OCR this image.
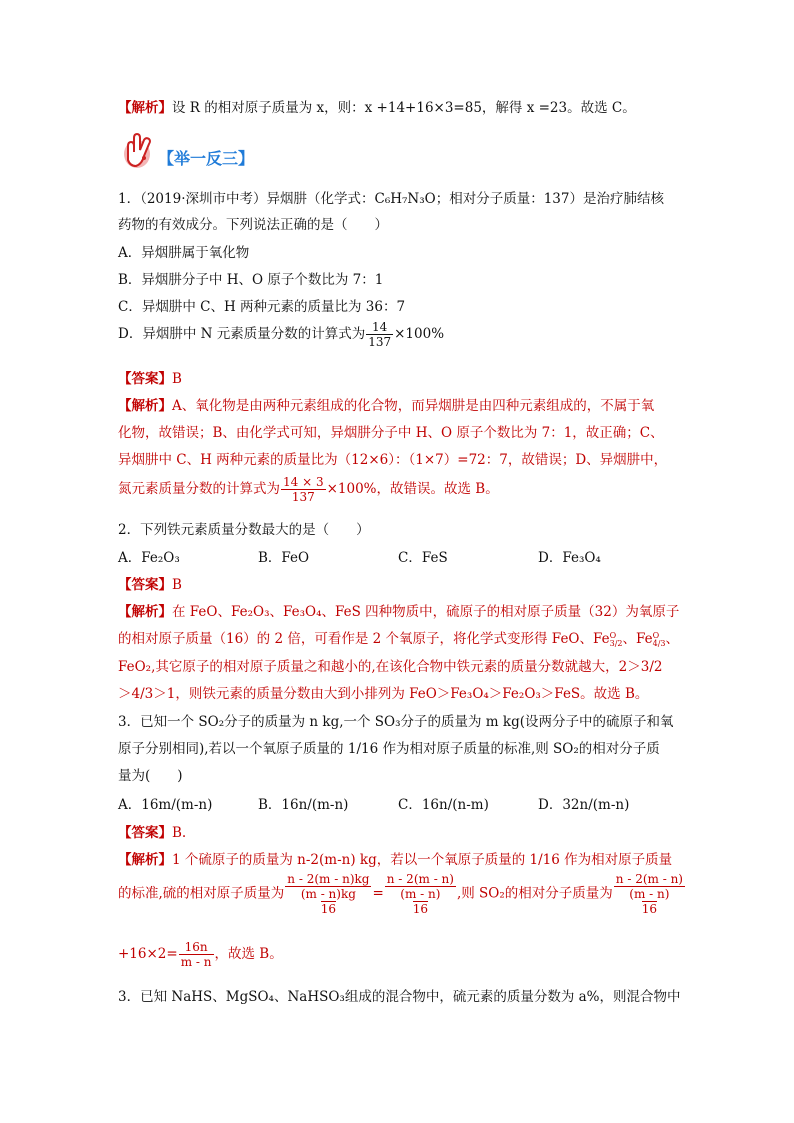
【解析】设 R 的相对原子质量为 x，则：x +14+16×3=85，解得 x =23。故选 C。
【举一反三】
1．（2019·深圳市中考）异烟肼（化学式：C₆H₇N₃O；相对分子质量：137）是治疗肺结核
药物的有效成分。下列说法正确的是（　　）
A．异烟肼属于氧化物
B．异烟肼分子中 H、O 原子个数比为 7：1
C．异烟肼中 C、H 两种元素的质量比为 36：7
D．异烟肼中 N 元素质量分数的计算式为 $\frac{14}{137} \times 100\%$
【答案】B
【解析】A、氧化物是由两种元素组成的化合物，而异烟肼是由四种元素组成的，不属于氧
化物，故错误；B、由化学式可知，异烟肼分子中 H、O 原子个数比为 7：1，故正确；C、
异烟肼中 C、H 两种元素的质量比为（12×6）：（1×7）=72：7，故错误；D、异烟肼中，
氮元素质量分数的计算式为 $\frac{14 \times 3}{137} \times 100\%$，故错误。故选 B。
2．下列铁元素质量分数最大的是（　　）
A．Fe₂O₃	B．FeO	C．FeS	D．Fe₃O₄
【答案】B
【解析】在 FeO、Fe₂O₃、Fe₃O₄、FeS 四种物质中，硫原子的相对原子质量（32）为氧原子
的相对原子质量（16）的 2 倍，可看作是 2 个氧原子，将化学式变形得 FeO、Fe O
3/2 、Fe O
4/3 、
FeO₂,其它原子的相对原子质量之和越小的,在该化合物中铁元素的质量分数就越大，2＞3/2
＞4/3＞1，则铁元素的质量分数由大到小排列为 FeO＞Fe₃O₄＞Fe₂O₃＞FeS。故选 B。
3．已知一个 SO₂分子的质量为 n kg,一个 SO₃分子的质量为 m kg(设两分子中的硫原子和氧
原子分别相同),若以一个氧原子质量的 1/16 作为相对原子质量的标准,则 SO₂的相对分子质
量为(　　)
A．16m/(m-n)	B．16n/(m-n)	C．16n/(n-m)	D．32n/(m-n)
【答案】B.
【解析】1 个硫原子的质量为 n-2(m-n) kg，若以一个氧原子质量的 1/16 作为相对原子质量
的标准,硫的相对原子质量为 n - 2(m - n)kg
(m - n)kg
16 = n - 2(m - n)
(m - n)
16 ,则 SO₂的相对分子质量为 n - 2(m - n)
(m - n)
16
$+16\times 2= \frac{16n}{m - n}$ ，故选 B。
3．已知 NaHS、MgSO₄、NaHSO₃组成的混合物中，硫元素的质量分数为 a%，则混合物中
